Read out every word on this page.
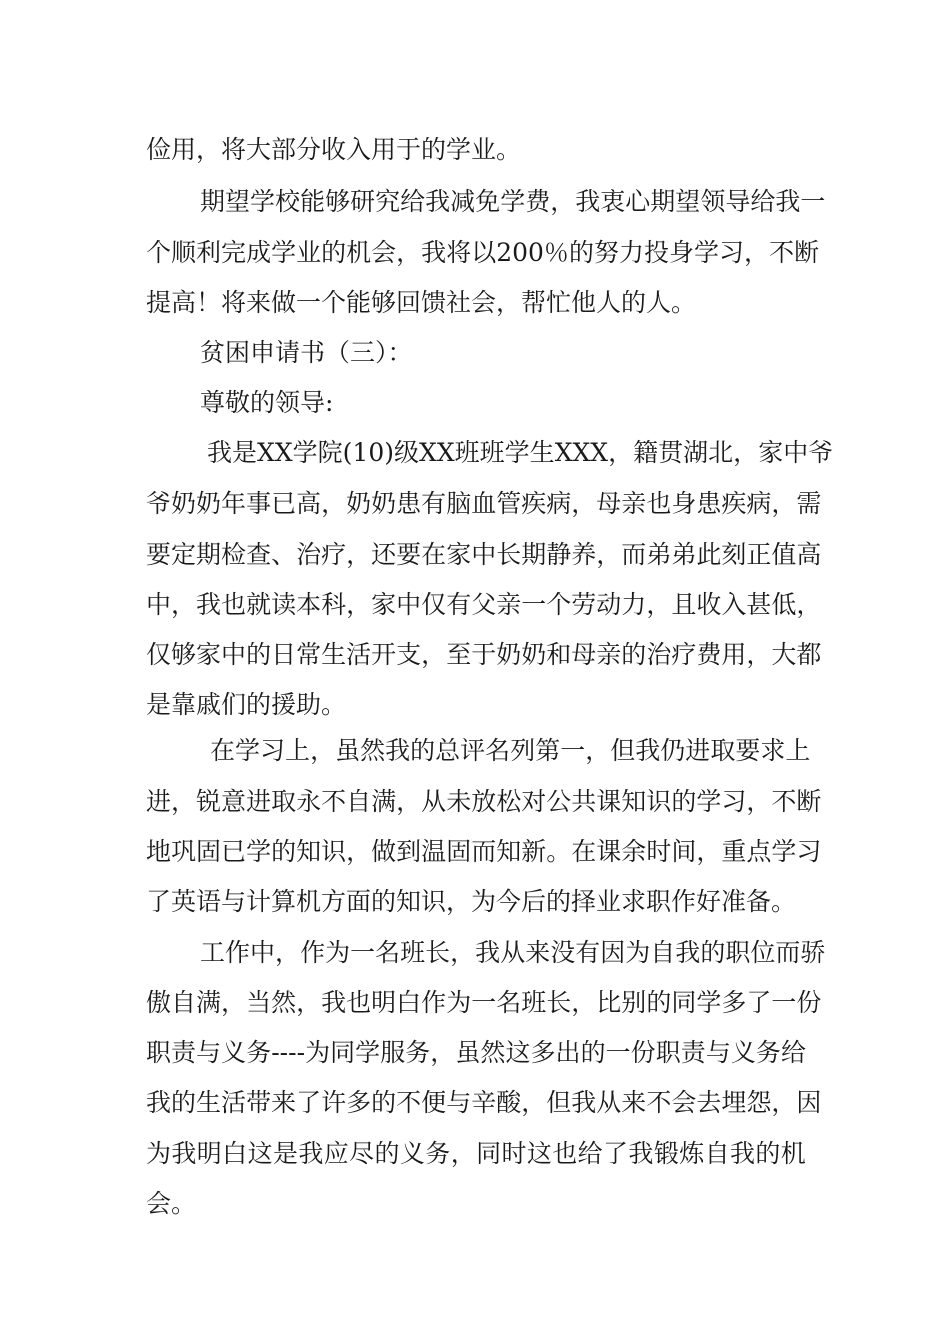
俭用，将大部分收入用于的学业。
期 望 学 校 能 够 研 究 给 我 减 免 学 费 ， 我 衷 心 期 望 领 导 给 我 一
个 顺 利 完 成 学 业 的 机 会 ， 我 将 以 200％ 的 努 力 投 身 学 习 ， 不 断
提高！将来做一个能够回馈社会，帮忙他人的人。
贫困申请书（三）：
尊敬的领导:
我 是 XX 学 院 (10) 级 XX 班 班 学 生 XXX ， 籍 贯 湖 北 ， 家 中 爷
爷 奶 奶 年 事 已 高 ， 奶 奶 患 有 脑 血 管 疾 病 ， 母 亲 也 身 患 疾 病 ， 需
要 定 期 检 查 、 治 疗 ， 还 要 在 家 中 长 期 静 养 ， 而 弟 弟 此 刻 正 值 高
中 ， 我 也 就 读 本 科 ， 家 中 仅 有 父 亲 一 个 劳 动 力 ， 且 收 入 甚 低 ，
仅 够 家 中 的 日 常 生 活 开 支 ， 至 于 奶 奶 和 母 亲 的 治 疗 费 用 ， 大 都
是靠戚们的援助。
在 学 习 上 ， 虽 然 我 的 总 评 名 列 第 一 ， 但 我 仍 进 取 要 求 上
进 ， 锐 意 进 取 永 不 自 满 ， 从 未 放 松 对 公 共 课 知 识 的 学 习 ， 不 断
地 巩 固 已 学 的 知 识 ， 做 到 温 固 而 知 新 。 在 课 余 时 间 ， 重 点 学 习
了英语与计算机方面的知识，为今后的择业求职作好准备。
工 作 中 ， 作 为 一 名 班 长 ， 我 从 来 没 有 因 为 自 我 的 职 位 而 骄
傲 自 满 ， 当 然 ， 我 也 明 白 作 为 一 名 班 长 ， 比 别 的 同 学 多 了 一 份
职 责 与 义 务 ---- 为 同 学 服 务 ， 虽 然 这 多 出 的 一 份 职 责 与 义 务 给
我 的 生 活 带 来 了 许 多 的 不 便 与 辛 酸 ， 但 我 从 来 不 会 去 埋 怨 ， 因
为 我 明 白 这 是 我 应 尽 的 义 务 ， 同 时 这 也 给 了 我 锻 炼 自 我 的 机
会。
